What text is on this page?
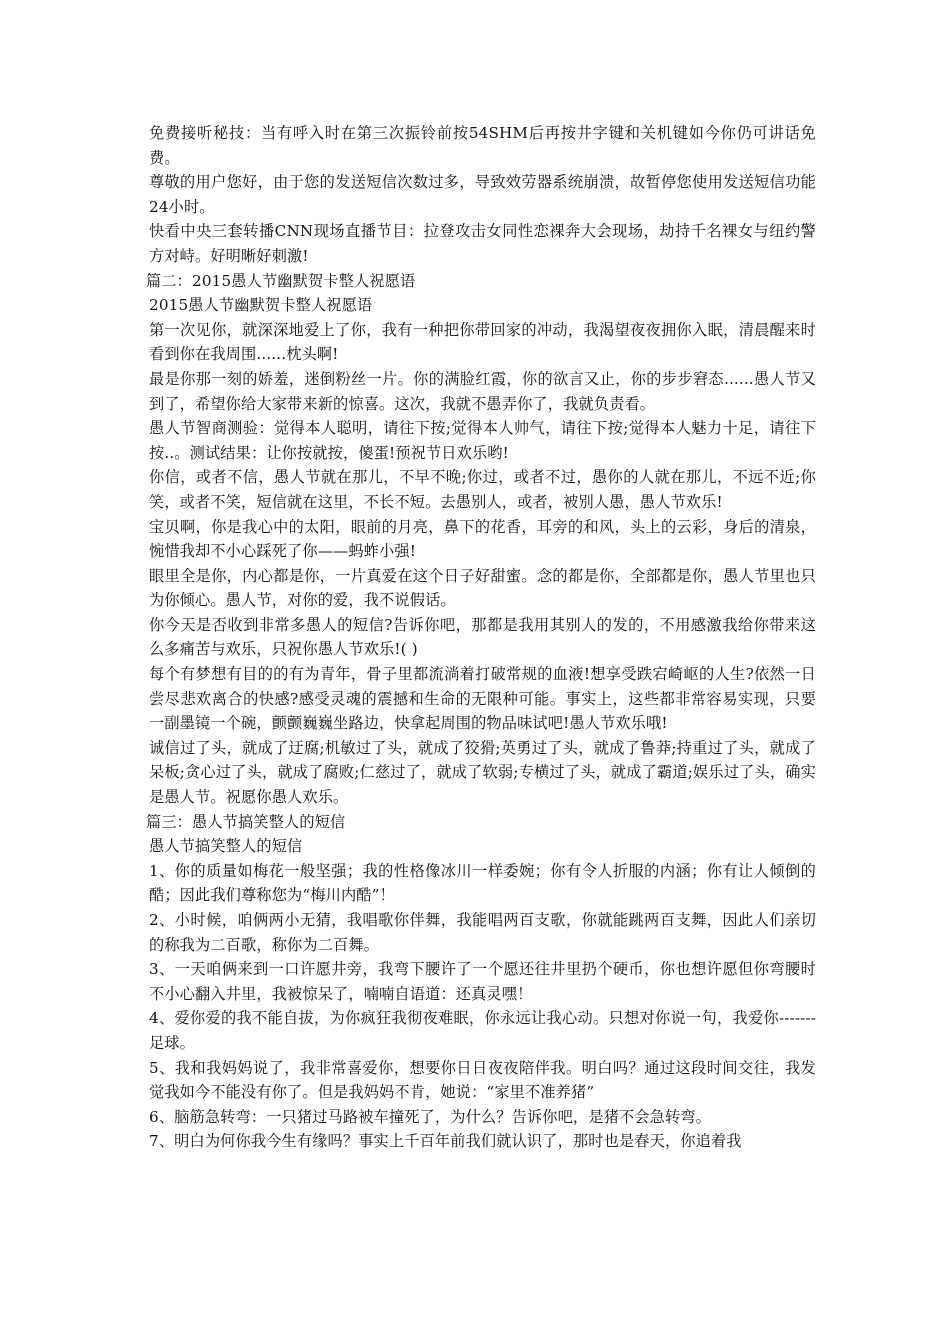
免费接听秘技：当有呼入时在第三次振铃前按54SHM后再按井字键和关机键如今你仍可讲话免费。

尊敬的用户您好，由于您的发送短信次数过多，导致效劳器系统崩溃，故暂停您使用发送短信功能24小时。

快看中央三套转播CNN现场直播节目：拉登攻击女同性恋裸奔大会现场，劫持千名裸女与纽约警方对峙。好明晰好刺激!

篇二：2015愚人节幽默贺卡整人祝愿语

2015愚人节幽默贺卡整人祝愿语

第一次见你，就深深地爱上了你，我有一种把你带回家的冲动，我渴望夜夜拥你入眠，清晨醒来时看到你在我周围......枕头啊!

最是你那一刻的娇羞，迷倒粉丝一片。你的满脸红霞，你的欲言又止，你的步步窘态......愚人节又到了，希望你给大家带来新的惊喜。这次，我就不愚弄你了，我就负责看。

愚人节智商测验：觉得本人聪明，请往下按;觉得本人帅气，请往下按;觉得本人魅力十足，请往下按..。测试结果：让你按就按，傻蛋!预祝节日欢乐哟!

你信，或者不信，愚人节就在那儿，不早不晚;你过，或者不过，愚你的人就在那儿，不远不近;你笑，或者不笑，短信就在这里，不长不短。去愚别人，或者，被别人愚，愚人节欢乐!

宝贝啊，你是我心中的太阳，眼前的月亮，鼻下的花香，耳旁的和风，头上的云彩，身后的清泉，惋惜我却不小心踩死了你——蚂蚱小强!

眼里全是你，内心都是你，一片真爱在这个日子好甜蜜。念的都是你，全部都是你，愚人节里也只为你倾心。愚人节，对你的爱，我不说假话。

你今天是否收到非常多愚人的短信?告诉你吧，那都是我用其别人的发的，不用感激我给你带来这么多痛苦与欢乐，只祝你愚人节欢乐!( )

每个有梦想有目的的有为青年，骨子里都流淌着打破常规的血液!想享受跌宕崎岖的人生?依然一日尝尽悲欢离合的快感?感受灵魂的震撼和生命的无限种可能。事实上，这些都非常容易实现，只要一副墨镜一个碗，颤颤巍巍坐路边，快拿起周围的物品味试吧!愚人节欢乐哦!

诚信过了头，就成了迂腐;机敏过了头，就成了狡猾;英勇过了头，就成了鲁莽;持重过了头，就成了呆板;贪心过了头，就成了腐败;仁慈过了，就成了软弱;专横过了头，就成了霸道;娱乐过了头，确实是愚人节。祝愿你愚人欢乐。

篇三：愚人节搞笑整人的短信

愚人节搞笑整人的短信

1、你的质量如梅花一般坚强；我的性格像冰川一样委婉；你有令人折服的内涵；你有让人倾倒的酷；因此我们尊称您为“梅川内酷”！

2、小时候，咱俩两小无猜，我唱歌你伴舞，我能唱两百支歌，你就能跳两百支舞，因此人们亲切的称我为二百歌，称你为二百舞。

3、一天咱俩来到一口许愿井旁，我弯下腰许了一个愿还往井里扔个硬币，你也想许愿但你弯腰时不小心翻入井里，我被惊呆了，喃喃自语道：还真灵嘿！

4、爱你爱的我不能自拔，为你疯狂我彻夜难眠，你永远让我心动。只想对你说一句，我爱你-------足球。

5、我和我妈妈说了，我非常喜爱你，想要你日日夜夜陪伴我。明白吗？通过这段时间交往，我发觉我如今不能没有你了。但是我妈妈不肯，她说：“家里不准养猪”

6、脑筋急转弯：一只猪过马路被车撞死了，为什么？告诉你吧，是猪不会急转弯。

7、明白为何你我今生有缘吗？事实上千百年前我们就认识了，那时也是春天，你追着我
